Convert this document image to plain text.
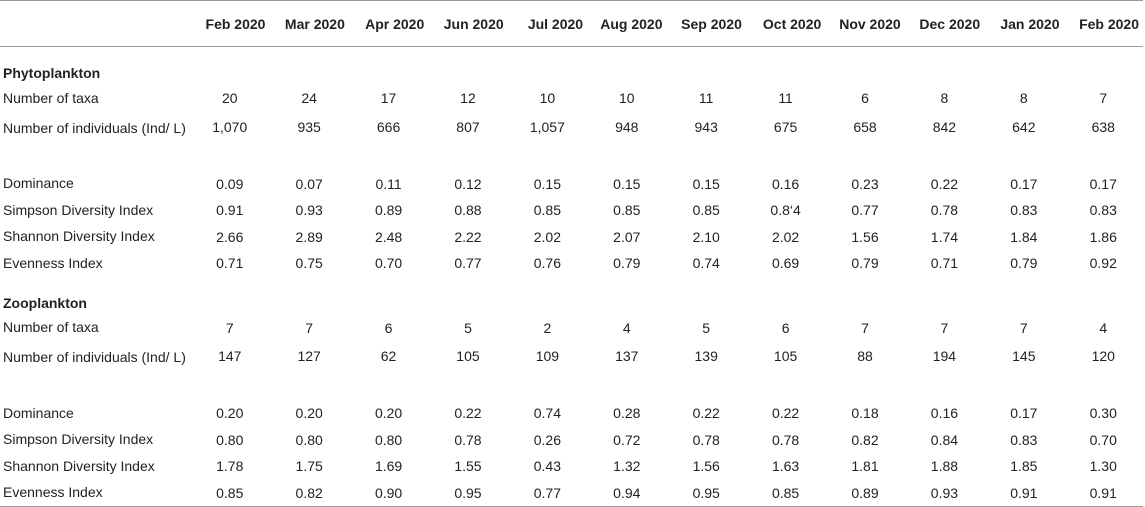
	Feb 2020	Mar 2020	Apr 2020	Jun 2020	Jul 2020	Aug 2020	Sep 2020	Oct 2020	Nov 2020	Dec 2020	Jan 2020	Feb 2020
Phytoplankton												
Number of taxa	20	24	17	12	10	10	11	11	6	8	8	7
Number of individuals (Ind/ L)	1,070	935	666	807	1,057	948	943	675	658	842	642	638
Dominance	0.09	0.07	0.11	0.12	0.15	0.15	0.15	0.16	0.23	0.22	0.17	0.17
Simpson Diversity Index	0.91	0.93	0.89	0.88	0.85	0.85	0.85	0.8‘4	0.77	0.78	0.83	0.83
Shannon Diversity Index	2.66	2.89	2.48	2.22	2.02	2.07	2.10	2.02	1.56	1.74	1.84	1.86
Evenness Index	0.71	0.75	0.70	0.77	0.76	0.79	0.74	0.69	0.79	0.71	0.79	0.92
Zooplankton												
Number of taxa	7	7	6	5	2	4	5	6	7	7	7	4
Number of individuals (Ind/ L)	147	127	62	105	109	137	139	105	88	194	145	120
Dominance	0.20	0.20	0.20	0.22	0.74	0.28	0.22	0.22	0.18	0.16	0.17	0.30
Simpson Diversity Index	0.80	0.80	0.80	0.78	0.26	0.72	0.78	0.78	0.82	0.84	0.83	0.70
Shannon Diversity Index	1.78	1.75	1.69	1.55	0.43	1.32	1.56	1.63	1.81	1.88	1.85	1.30
Evenness Index	0.85	0.82	0.90	0.95	0.77	0.94	0.95	0.85	0.89	0.93	0.91	0.91
